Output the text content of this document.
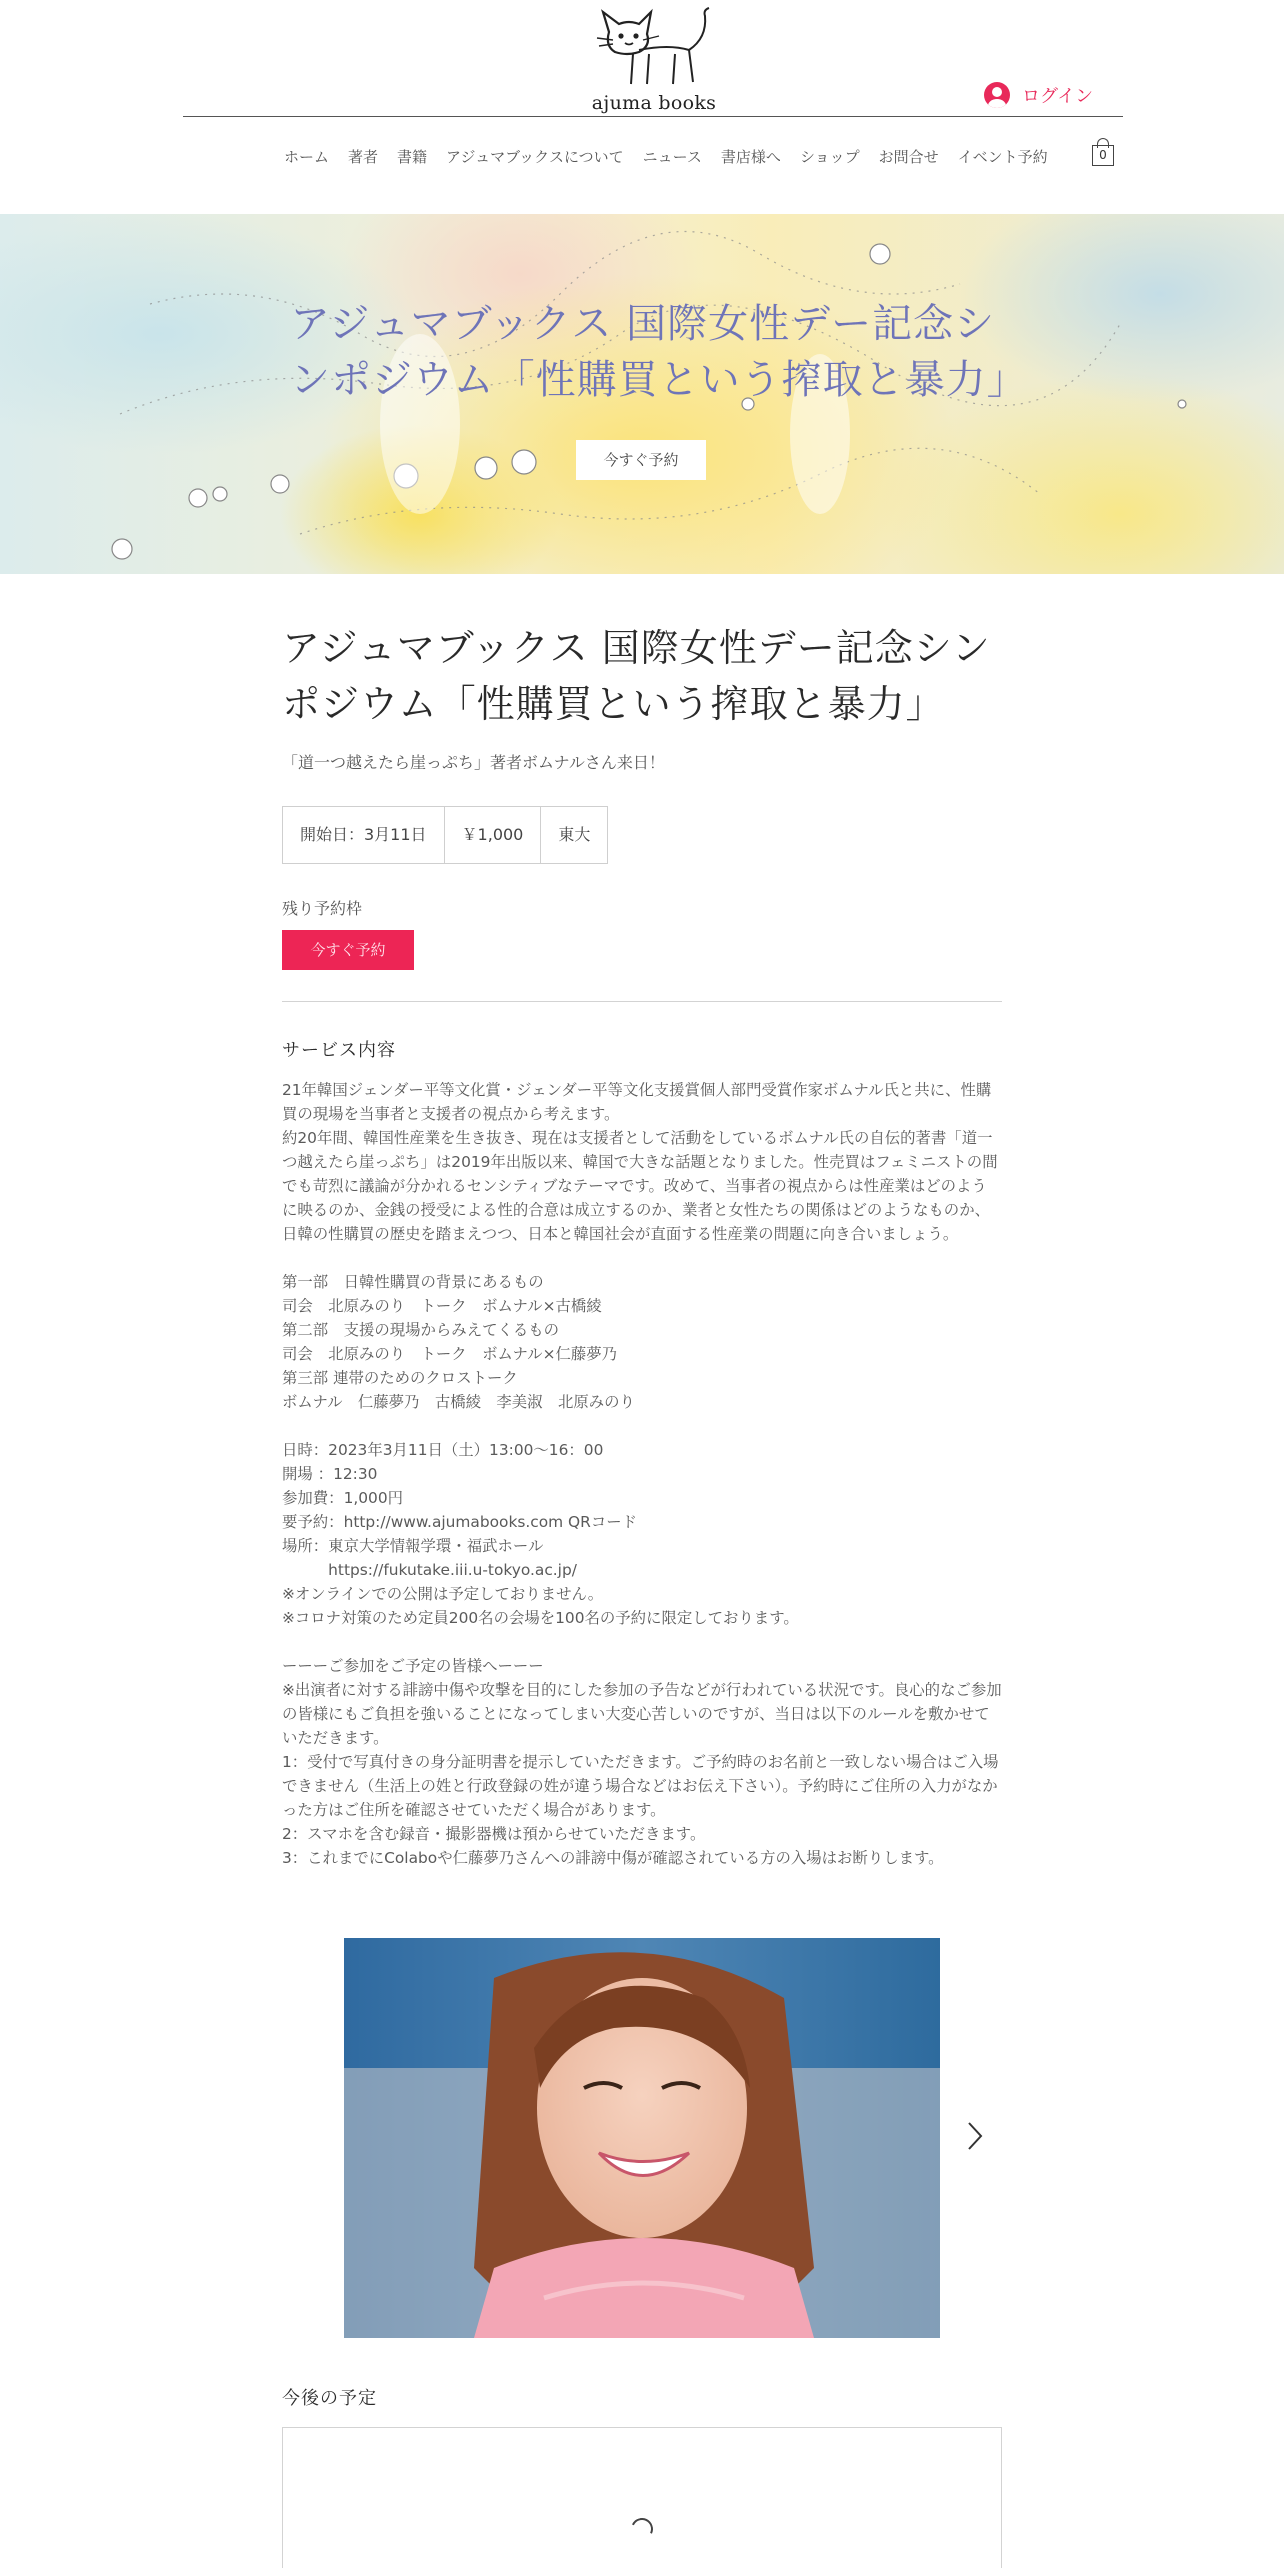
ajuma books	ログイン
ホーム 著者 書籍 アジュマブックスについて ニュース 書店様へ ショップ お問合せ イベント予約	0
アジュマブックス 国際女性デー記念シンポジウム「性購買という搾取と暴力」
今すぐ予約
アジュマブックス 国際女性デー記念シンポジウム「性購買という搾取と暴力」
「道一つ越えたら崖っぷち」著者ボムナルさん来日！
開始日：3月11日	￥1,000	東大
残り予約枠
今すぐ予約
サービス内容

21年韓国ジェンダー平等文化賞・ジェンダー平等文化支援賞個人部門受賞作家ボムナル氏と共に、性購買の現場を当事者と支援者の視点から考えます。

約20年間、韓国性産業を生き抜き、現在は支援者として活動をしているボムナル氏の自伝的著書「道一つ越えたら崖っぷち」は2019年出版以来、韓国で大きな話題となりました。性売買はフェミニストの間でも苛烈に議論が分かれるセンシティブなテーマです。改めて、当事者の視点からは性産業はどのように映るのか、金銭の授受による性的合意は成立するのか、業者と女性たちの関係はどのようなものか、日韓の性購買の歴史を踏まえつつ、日本と韓国社会が直面する性産業の問題に向き合いましょう。

第一部　日韓性購買の背景にあるもの

司会　北原みのり　トーク　ボムナル×古橋綾

第二部　支援の現場からみえてくるもの

司会　北原みのり　トーク　ボムナル×仁藤夢乃

第三部 連帯のためのクロストーク

ボムナル　仁藤夢乃　古橋綾　李美淑　北原みのり

日時：2023年3月11日（土）13:00～16：00

開場 ：12:30

参加費：1,000円

要予約：http://www.ajumabooks.com QRコード

場所：東京大学情報学環・福武ホール

　　　https://fukutake.iii.u-tokyo.ac.jp/

※オンラインでの公開は予定しておりません。

※コロナ対策のため定員200名の会場を100名の予約に限定しております。

ーーーご参加をご予定の皆様へーーー

※出演者に対する誹謗中傷や攻撃を目的にした参加の予告などが行われている状況です。良心的なご参加の皆様にもご負担を強いることになってしまい大変心苦しいのですが、当日は以下のルールを敷かせていただきます。

1：受付で写真付きの身分証明書を提示していただきます。ご予約時のお名前と一致しない場合はご入場できません（生活上の姓と行政登録の姓が違う場合などはお伝え下さい）。予約時にご住所の入力がなかった方はご住所を確認させていただく場合があります。

2：スマホを含む録音・撮影器機は預からせていただきます。

3：これまでにColaboや仁藤夢乃さんへの誹謗中傷が確認されている方の入場はお断りします。

今後の予定
